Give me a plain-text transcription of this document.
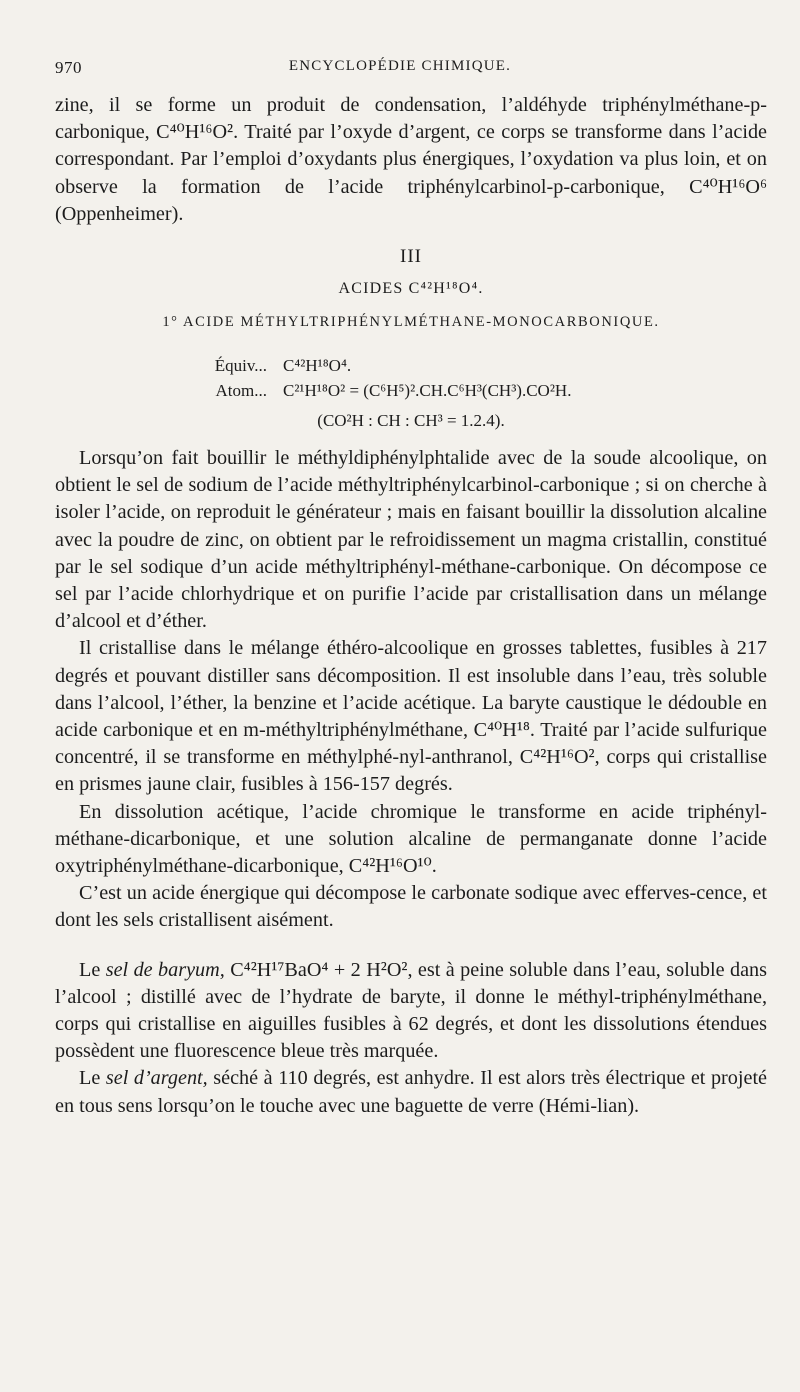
970	ENCYCLOPÉDIE CHIMIQUE.

zine, il se forme un produit de condensation, l’aldéhyde triphénylméthane-p-carbonique, C⁴⁰H¹⁶O². Traité par l’oxyde d’argent, ce corps se transforme dans l’acide correspondant. Par l’emploi d’oxydants plus énergiques, l’oxydation va plus loin, et on observe la formation de l’acide triphénylcarbinol-p-carbonique, C⁴⁰H¹⁶O⁶ (Oppenheimer).

III
ACIDES C⁴²H¹⁸O⁴.
1° ACIDE MÉTHYLTRIPHÉNYLMÉTHANE-MONOCARBONIQUE.
Équiv... C⁴²H¹⁸O⁴.
Atom... C²¹H¹⁸O² = (C⁶H⁵)².CH.C⁶H³(CH³).CO²H.
(CO²H : CH : CH³ = 1.2.4).

Lorsqu’on fait bouillir le méthyldiphénylphtalide avec de la soude alcoolique, on obtient le sel de sodium de l’acide méthyltriphénylcarbinol-carbonique ; si on cherche à isoler l’acide, on reproduit le générateur ; mais en faisant bouillir la dissolution alcaline avec la poudre de zinc, on obtient par le refroidissement un magma cristallin, constitué par le sel sodique d’un acide méthyltriphényl-méthane-carbonique. On décompose ce sel par l’acide chlorhydrique et on purifie l’acide par cristallisation dans un mélange d’alcool et d’éther.

Il cristallise dans le mélange éthéro-alcoolique en grosses tablettes, fusibles à 217 degrés et pouvant distiller sans décomposition. Il est insoluble dans l’eau, très soluble dans l’alcool, l’éther, la benzine et l’acide acétique. La baryte caustique le dédouble en acide carbonique et en m-méthyltriphénylméthane, C⁴⁰H¹⁸. Traité par l’acide sulfurique concentré, il se transforme en méthylphé-nyl-anthranol, C⁴²H¹⁶O², corps qui cristallise en prismes jaune clair, fusibles à 156-157 degrés.

En dissolution acétique, l’acide chromique le transforme en acide triphényl-méthane-dicarbonique, et une solution alcaline de permanganate donne l’acide oxytriphénylméthane-dicarbonique, C⁴²H¹⁶O¹⁰.

C’est un acide énergique qui décompose le carbonate sodique avec efferves-cence, et dont les sels cristallisent aisément.

Le sel de baryum, C⁴²H¹⁷BaO⁴ + 2 H²O², est à peine soluble dans l’eau, soluble dans l’alcool ; distillé avec de l’hydrate de baryte, il donne le méthyl-triphénylméthane, corps qui cristallise en aiguilles fusibles à 62 degrés, et dont les dissolutions étendues possèdent une fluorescence bleue très marquée.

Le sel d’argent, séché à 110 degrés, est anhydre. Il est alors très électrique et projeté en tous sens lorsqu’on le touche avec une baguette de verre (Hémi-lian).
